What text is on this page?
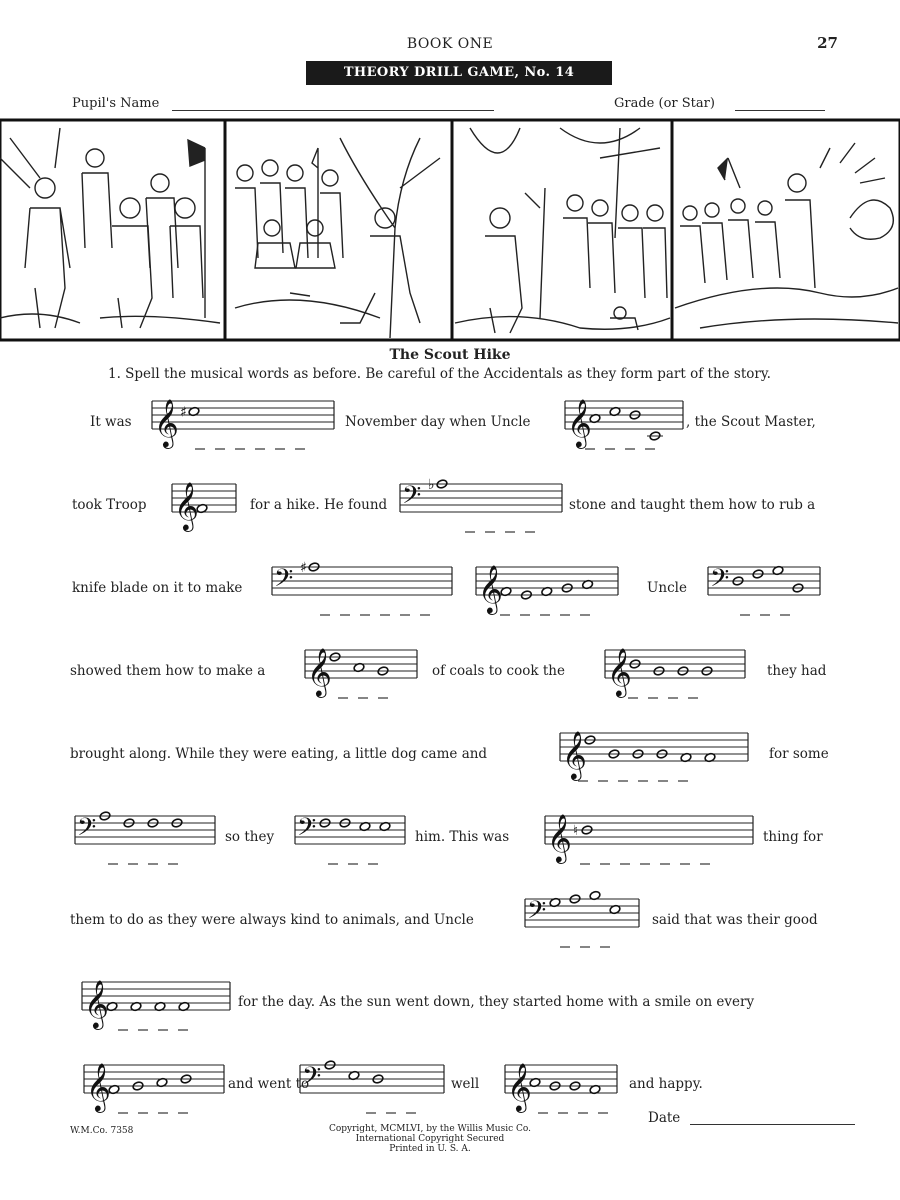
BOOK ONE	27
THEORY DRILL GAME, No. 14
Pupil's Name	Grade (or Star)
The Scout Hike
1. Spell the musical words as before. Be careful of the Accidentals as they form part of the story.
It was	November day when Uncle	, the Scout Master,
took Troop	for a hike. He found	stone and taught them how to rub a
knife blade on it to make	Uncle
showed them how to make a	of coals to cook the	they had
brought along. While they were eating, a little dog came and	for some
so they	him. This was	thing for
them to do as they were always kind to animals, and Uncle	said that was their good
for the day. As the sun went down, they started home with a smile on every
and went to	well	and happy.
𝄞 ♯	𝄞
𝄞	𝄢 ♭
𝄢 ♯	𝄞	𝄢
𝄞	𝄞
𝄞
𝄢	𝄢	𝄞 ♮
𝄢
𝄞
𝄞	𝄢	𝄞
W.M.Co. 7358	Copyright, MCMLVI, by the Willis Music Co.
International Copyright Secured
Printed in U. S. A.
Date
